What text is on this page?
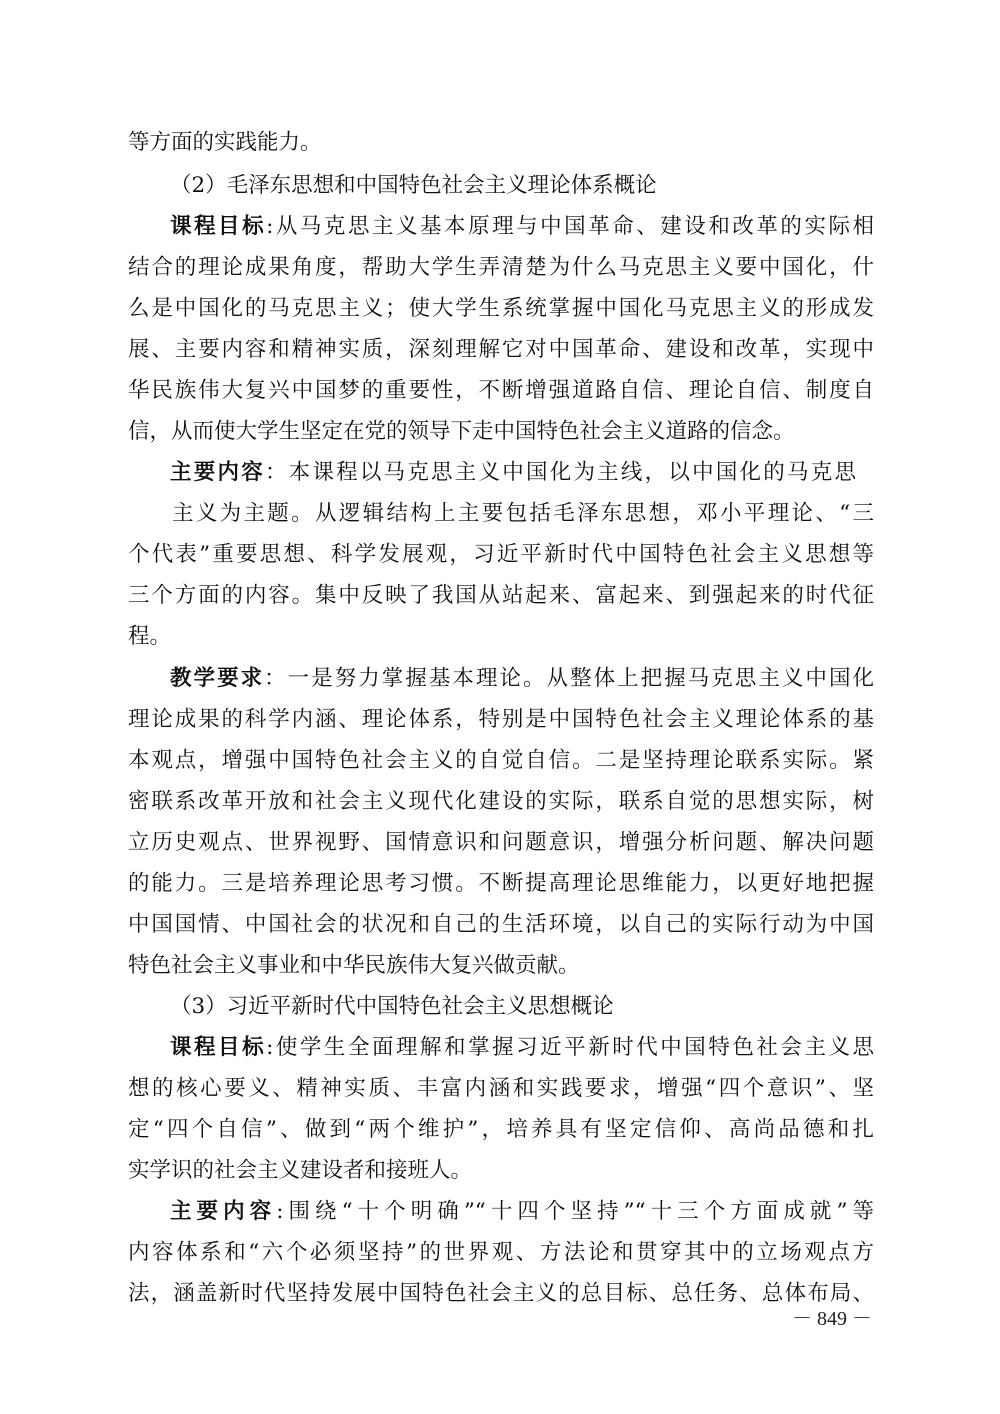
等方面的实践能力。
（2）毛泽东思想和中国特色社会主义理论体系概论
课程目标:从马克思主义基本原理与中国革命、建设和改革的实际相
结合的理论成果角度，帮助大学生弄清楚为什么马克思主义要中国化，什
么是中国化的马克思主义；使大学生系统掌握中国化马克思主义的形成发
展、主要内容和精神实质，深刻理解它对中国革命、建设和改革，实现中
华民族伟大复兴中国梦的重要性，不断增强道路自信、理论自信、制度自
信，从而使大学生坚定在党的领导下走中国特色社会主义道路的信念。
主要内容：本课程以马克思主义中国化为主线，以中国化的马克思
主义为主题。从逻辑结构上主要包括毛泽东思想，邓小平理论、“三
个代表”重要思想、科学发展观，习近平新时代中国特色社会主义思想等
三个方面的内容。集中反映了我国从站起来、富起来、到强起来的时代征
程。
教学要求：一是努力掌握基本理论。从整体上把握马克思主义中国化
理论成果的科学内涵、理论体系，特别是中国特色社会主义理论体系的基
本观点，增强中国特色社会主义的自觉自信。二是坚持理论联系实际。紧
密联系改革开放和社会主义现代化建设的实际，联系自觉的思想实际，树
立历史观点、世界视野、国情意识和问题意识，增强分析问题、解决问题
的能力。三是培养理论思考习惯。不断提高理论思维能力，以更好地把握
中国国情、中国社会的状况和自己的生活环境，以自己的实际行动为中国
特色社会主义事业和中华民族伟大复兴做贡献。
（3）习近平新时代中国特色社会主义思想概论
课程目标:使学生全面理解和掌握习近平新时代中国特色社会主义思
想的核心要义、精神实质、丰富内涵和实践要求，增强“四个意识”、坚
定“四个自信”、做到“两个维护”，培养具有坚定信仰、高尚品德和扎
实学识的社会主义建设者和接班人。
主要内容:围绕“十个明确”“十四个坚持”“十三个方面成就”等
内容体系和“六个必须坚持”的世界观、方法论和贯穿其中的立场观点方
法，涵盖新时代坚持发展中国特色社会主义的总目标、总任务、总体布局、
－ 849 －
